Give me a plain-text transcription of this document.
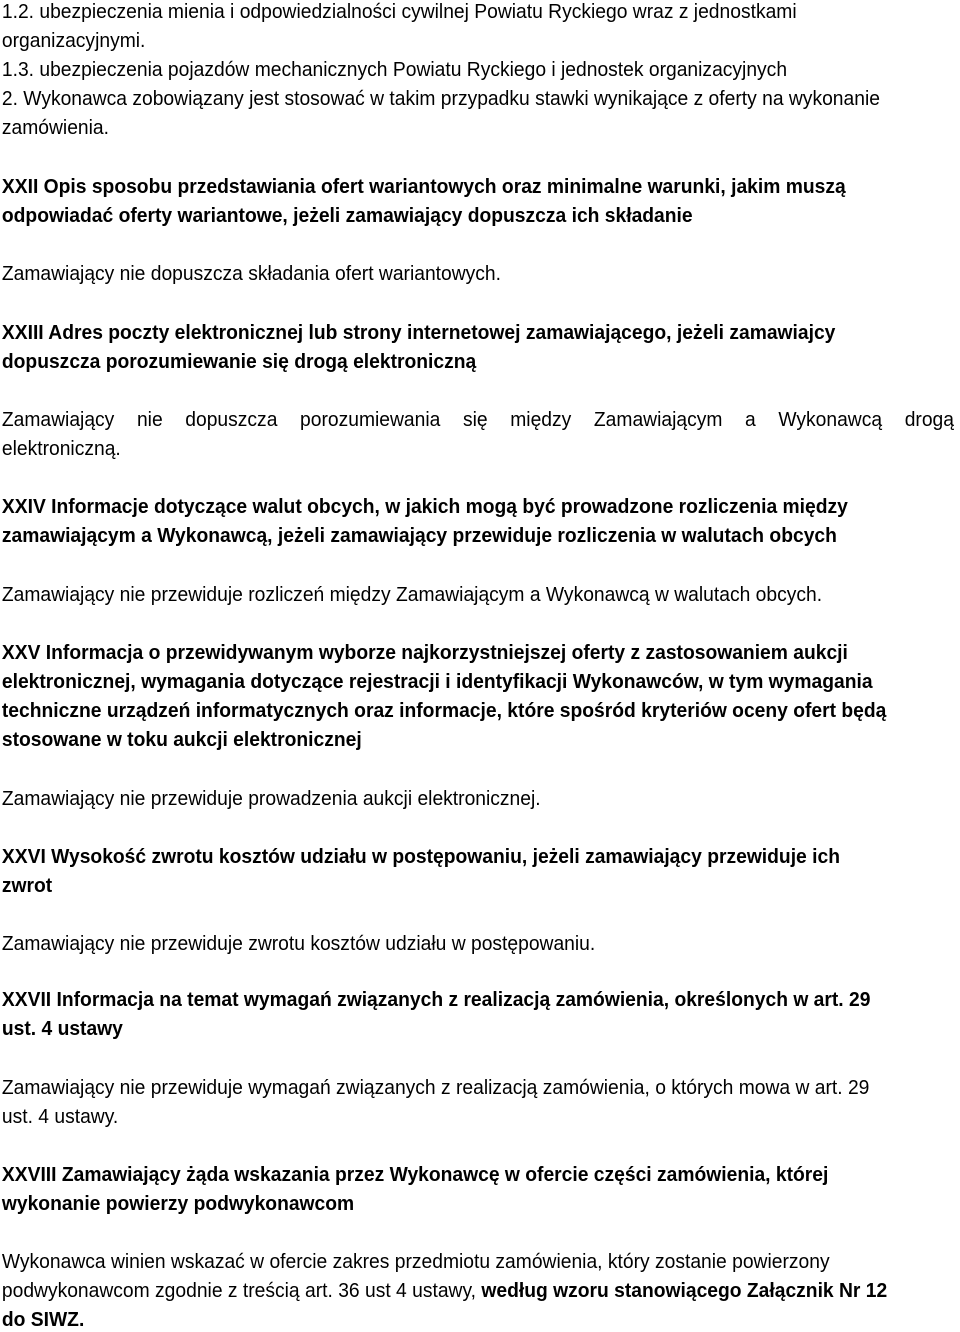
1.2. ubezpieczenia mienia i odpowiedzialności cywilnej Powiatu Ryckiego wraz z jednostkami
organizacyjnymi.
1.3. ubezpieczenia pojazdów mechanicznych Powiatu Ryckiego i jednostek organizacyjnych
2. Wykonawca zobowiązany jest stosować w takim przypadku stawki wynikające z oferty na wykonanie
zamówienia.
XXII Opis sposobu przedstawiania ofert wariantowych oraz minimalne warunki, jakim muszą
odpowiadać oferty wariantowe, jeżeli zamawiający dopuszcza ich składanie
Zamawiający nie dopuszcza składania ofert wariantowych.
XXIII Adres poczty elektronicznej lub strony internetowej zamawiającego, jeżeli zamawiajcy
dopuszcza porozumiewanie się drogą elektroniczną
Zamawiający nie dopuszcza porozumiewania się między Zamawiającym a Wykonawcą drogą
elektroniczną.
XXIV Informacje dotyczące walut obcych, w jakich mogą być prowadzone rozliczenia między
zamawiającym a Wykonawcą, jeżeli zamawiający przewiduje rozliczenia w walutach obcych
Zamawiający nie przewiduje rozliczeń między Zamawiającym a Wykonawcą w walutach obcych.
XXV Informacja o przewidywanym wyborze najkorzystniejszej oferty z zastosowaniem aukcji
elektronicznej, wymagania dotyczące rejestracji i identyfikacji Wykonawców, w tym wymagania
techniczne urządzeń informatycznych oraz informacje, które spośród kryteriów oceny ofert będą
stosowane w toku aukcji elektronicznej
Zamawiający nie przewiduje prowadzenia aukcji elektronicznej.
XXVI Wysokość zwrotu kosztów udziału w postępowaniu, jeżeli zamawiający przewiduje ich
zwrot
Zamawiający nie przewiduje zwrotu kosztów udziału w postępowaniu.
XXVII Informacja na temat wymagań związanych z realizacją zamówienia, określonych w art. 29
ust. 4 ustawy
Zamawiający nie przewiduje wymagań związanych z realizacją zamówienia, o których mowa w art. 29
ust. 4 ustawy.
XXVIII Zamawiający żąda wskazania przez Wykonawcę w ofercie części zamówienia, której
wykonanie powierzy podwykonawcom
Wykonawca winien wskazać w ofercie zakres przedmiotu zamówienia, który zostanie powierzony
podwykonawcom zgodnie z treścią art. 36 ust 4 ustawy, według wzoru stanowiącego Załącznik Nr 12
do SIWZ.
